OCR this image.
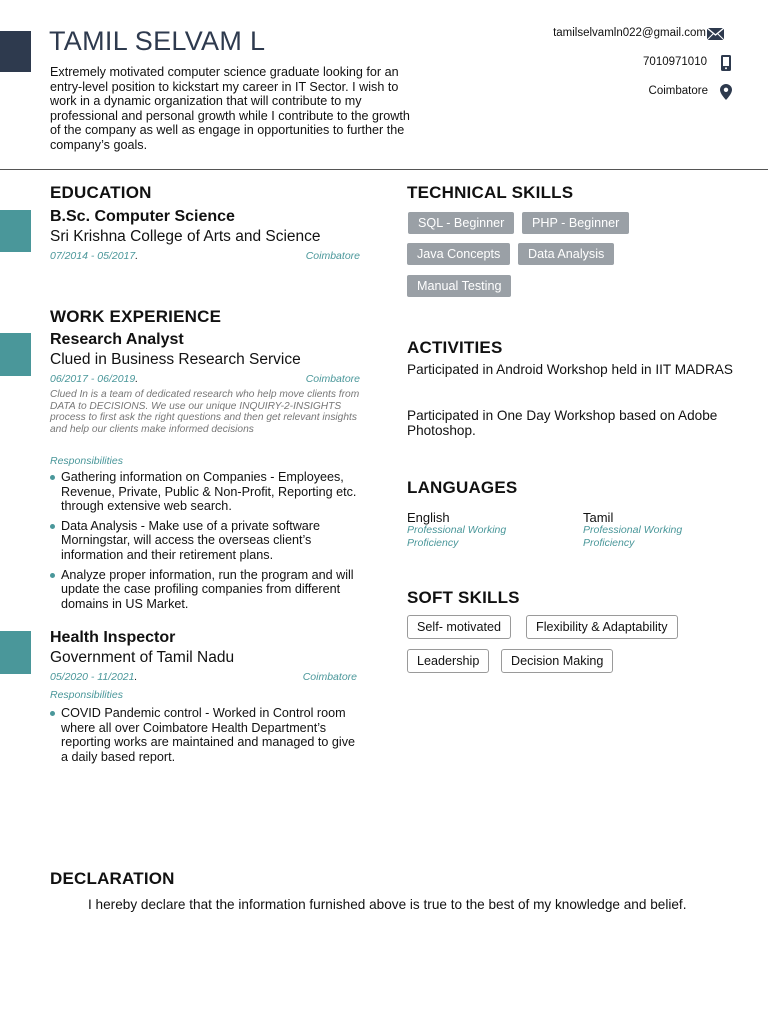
TAMIL SELVAM L
Extremely motivated computer science graduate looking for an entry-level position to kickstart my career in IT Sector. I wish to work in a dynamic organization that will contribute to my professional and personal growth while I contribute to the growth of the company as well as engage in opportunities to further the company’s goals.
tamilselvamln022@gmail.com
7010971010
Coimbatore
EDUCATION
B.Sc. Computer Science
Sri Krishna College of Arts and Science
07/2014 - 05/2017.	Coimbatore
WORK EXPERIENCE
Research Analyst
Clued in Business Research Service
06/2017 - 06/2019.	Coimbatore
Clued In is a team of dedicated research who help move clients from DATA to DECISIONS. We use our unique INQUIRY-2-INSIGHTS process to first ask the right questions and then get relevant insights and help our clients make informed decisions
Responsibilities
Gathering information on Companies - Employees, Revenue, Private, Public & Non-Profit, Reporting etc. through extensive web search.
Data Analysis - Make use of a private software Morningstar, will access the overseas client’s information and their retirement plans.
Analyze proper information, run the program and will update the case profiling companies from different domains in US Market.
Health Inspector
Government of Tamil Nadu
05/2020 - 11/2021.	Coimbatore
Responsibilities
COVID Pandemic control - Worked in Control room where all over Coimbatore Health Department’s reporting works are maintained and managed to give a daily based report.
TECHNICAL SKILLS
SQL - Beginner	PHP - Beginner
Java Concepts	Data Analysis
Manual Testing
ACTIVITIES
Participated in Android Workshop held in IIT MADRAS
Participated in One Day Workshop based on Adobe Photoshop.
LANGUAGES
English
Professional Working Proficiency
Tamil
Professional Working Proficiency
SOFT SKILLS
Self- motivated	Flexibility & Adaptability
Leadership	Decision Making
DECLARATION
I hereby declare that the information furnished above is true to the best of my knowledge and belief.
